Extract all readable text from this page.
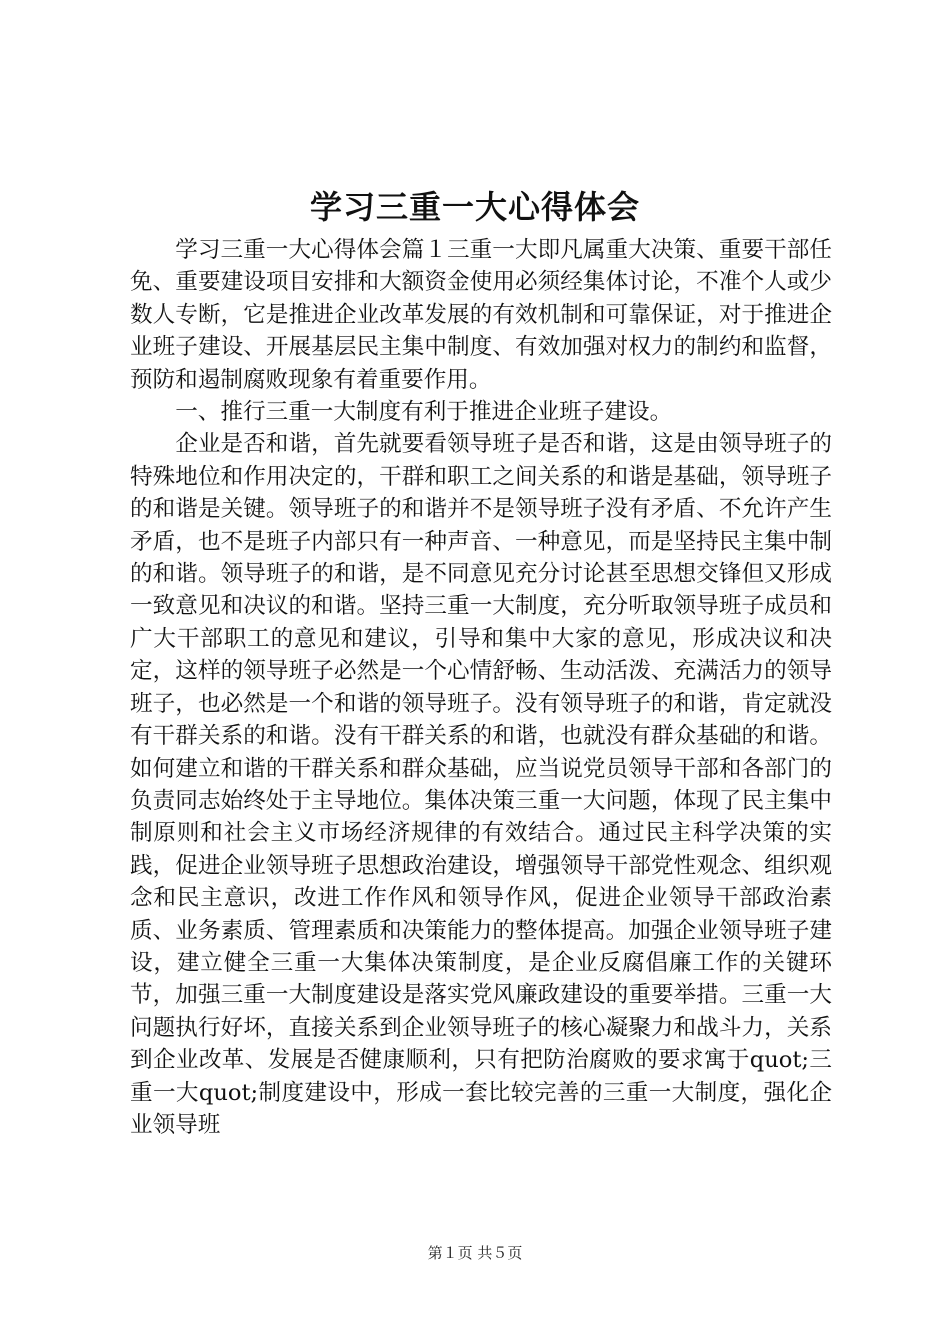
学习三重一大心得体会

学习三重一大心得体会篇１三重一大即凡属重大决策、重要干部任免、重要建设项目安排和大额资金使用必须经集体讨论，不准个人或少数人专断，它是推进企业改革发展的有效机制和可靠保证，对于推进企业班子建设、开展基层民主集中制度、有效加强对权力的制约和监督，预防和遏制腐败现象有着重要作用。

一、推行三重一大制度有利于推进企业班子建设。

企业是否和谐，首先就要看领导班子是否和谐，这是由领导班子的特殊地位和作用决定的，干群和职工之间关系的和谐是基础，领导班子的和谐是关键。领导班子的和谐并不是领导班子没有矛盾、不允许产生矛盾，也不是班子内部只有一种声音、一种意见，而是坚持民主集中制的和谐。领导班子的和谐，是不同意见充分讨论甚至思想交锋但又形成一致意见和决议的和谐。坚持三重一大制度，充分听取领导班子成员和广大干部职工的意见和建议，引导和集中大家的意见，形成决议和决定，这样的领导班子必然是一个心情舒畅、生动活泼、充满活力的领导班子，也必然是一个和谐的领导班子。没有领导班子的和谐，肯定就没有干群关系的和谐。没有干群关系的和谐，也就没有群众基础的和谐。如何建立和谐的干群关系和群众基础，应当说党员领导干部和各部门的负责同志始终处于主导地位。集体决策三重一大问题，体现了民主集中制原则和社会主义市场经济规律的有效结合。通过民主科学决策的实践，促进企业领导班子思想政治建设，增强领导干部党性观念、组织观念和民主意识，改进工作作风和领导作风，促进企业领导干部政治素质、业务素质、管理素质和决策能力的整体提高。加强企业领导班子建设，建立健全三重一大集体决策制度，是企业反腐倡廉工作的关键环节，加强三重一大制度建设是落实党风廉政建设的重要举措。三重一大问题执行好坏，直接关系到企业领导班子的核心凝聚力和战斗力，关系到企业改革、发展是否健康顺利，只有把防治腐败的要求寓于quot;三重一大quot;制度建设中，形成一套比较完善的三重一大制度，强化企业领导班

第１页 共５页
